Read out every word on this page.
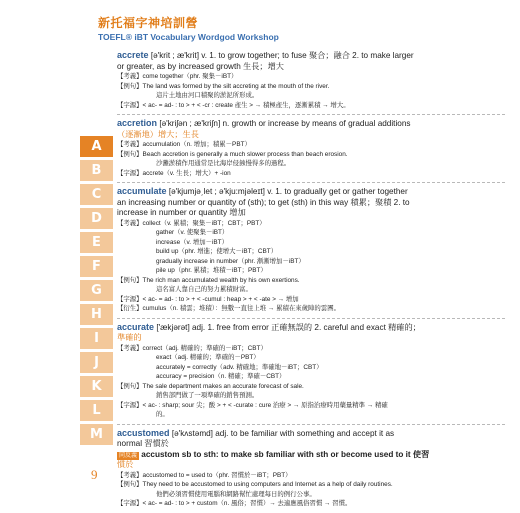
新托福字神培訓營
TOEFL® iBT Vocabulary Wordgod Workshop
A
B
C
D
E
F
G
H
I
J
K
L
M
9
accrete [ə'krit ; æ'krit] v. 1. to grow together; to fuse 聚合；融合 2. to make larger
or greater, as by increased growth 生長；增大
【考義】come together（phr. 聚集－iBT）
【例句】The land was formed by the silt accreting at the mouth of the river.
這片土地由河口積聚的淤泥所形成。
【字源】< ac- = ad- : to > + < -cr : create 產生 > → 積極產生，逐漸累積 → 增大。
accretion [ə'kriʃən ; æ'kriʃn] n. growth or increase by means of gradual additions
（逐漸地）增大；生長
【考義】accumulation（n. 增加；積累－PBT）
【例句】Beach accretion is generally a much slower process than beach erosion.
沙灘淤積作用通常是比海岸侵蝕慢得多的過程。
【字源】accrete（v. 生長；增大）+ -ion
accumulate [ə'kjumjə͵let ; ə'kju:mjəleɪt] v. 1. to gradually get or gather together
an increasing number or quantity of (sth); to get (sth) in this way 積累；聚積 2. to
increase in number or quantity 增加
【考義】collect（v. 累積；聚集－iBT；CBT；PBT）
gather（v. 使聚集－iBT）
increase（v. 增加－iBT）
build up（phr. 增進；使增大－iBT；CBT）
gradually increase in number（phr. 漸漸增加－iBT）
pile up（phr. 累積；堆積－iBT；PBT）
【例句】The rich man accumulated wealth by his own exertions.
這名富人靠自己的努力累積財富。
【字源】< ac- = ad- : to > + < -cumul : heap > + < -ate > → 增加
【衍生】cumulus（n. 積雲；堆積）：無數一直往上堆 → 累積在來歲陣的雲團。
accurate ['ækjərət] adj. 1. free from error 正確無誤的 2. careful and exact 精確的；
準確的
【考義】correct（adj. 精確的；準確的－iBT；CBT）
exact（adj. 精確的；準確的－PBT）
accurately = correctly（adv. 精確地；準確地－iBT；CBT）
accuracy = precision（n. 精確；準確－CBT）
【例句】The sale department makes an accurate forecast of sale.
銷售部門做了一項準確的銷售預測。
【字源】< ac- : sharp; sour 尖；酸 > + < -curate : cure 治療 > → 原指治療時用藥量精準 → 精確
的。
accustomed [ə'kʌstəmd] adj. to be familiar with something and accept it as
normal 習慣於
同反義 accustom sb to sth: to make sb familiar with sth or become used to it 使習
慣於
【考義】accustomed to = used to（phr. 習慣於－iBT；PBT）
【例句】They need to be accustomed to using computers and Internet as a help of daily routines.
他們必須習慣使用電腦和網路幫忙處理每日的例行公事。
【字源】< ac- = ad- : to > + custom（n. 風俗；習慣）→ 去適應風俗習慣 → 習慣。
